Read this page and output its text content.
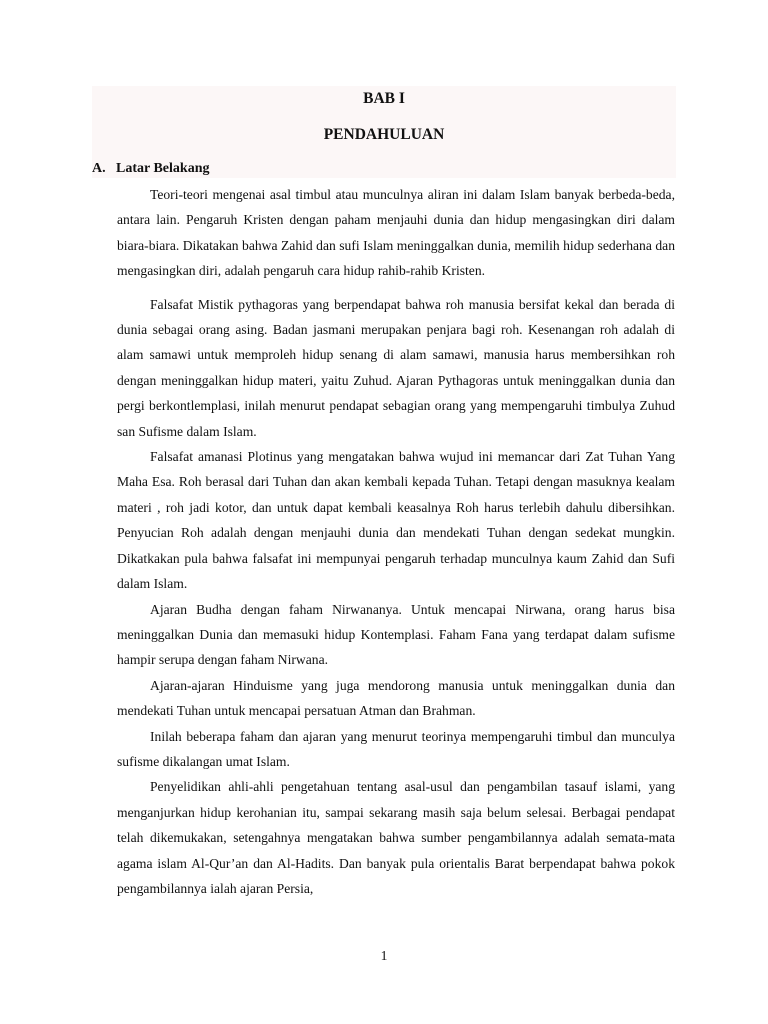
BAB I
PENDAHULUAN
A. Latar Belakang

Teori-teori mengenai asal timbul atau munculnya aliran ini dalam Islam banyak berbeda-beda, antara lain. Pengaruh Kristen dengan paham menjauhi dunia dan hidup mengasingkan diri dalam biara-biara. Dikatakan bahwa Zahid dan sufi Islam meninggalkan dunia, memilih hidup sederhana dan mengasingkan diri, adalah pengaruh cara hidup rahib-rahib Kristen.

Falsafat Mistik pythagoras yang berpendapat bahwa roh manusia bersifat kekal dan berada di dunia sebagai orang asing. Badan jasmani merupakan penjara bagi roh. Kesenangan roh adalah di alam samawi untuk memproleh hidup senang di alam samawi, manusia harus membersihkan roh dengan meninggalkan hidup materi, yaitu Zuhud. Ajaran Pythagoras untuk meninggalkan dunia dan pergi berkontlemplasi, inilah menurut pendapat sebagian orang yang mempengaruhi timbulya Zuhud san Sufisme dalam Islam.

Falsafat amanasi Plotinus yang mengatakan bahwa wujud ini memancar dari Zat Tuhan Yang Maha Esa. Roh berasal dari Tuhan dan akan kembali kepada Tuhan. Tetapi dengan masuknya kealam materi , roh jadi kotor, dan untuk dapat kembali keasalnya Roh harus terlebih dahulu dibersihkan. Penyucian Roh adalah dengan menjauhi dunia dan mendekati Tuhan dengan sedekat mungkin. Dikatkakan pula bahwa falsafat ini mempunyai pengaruh terhadap munculnya kaum Zahid dan Sufi dalam Islam.

Ajaran Budha dengan faham Nirwananya. Untuk mencapai Nirwana, orang harus bisa meninggalkan Dunia dan memasuki hidup Kontemplasi. Faham Fana yang terdapat dalam sufisme hampir serupa dengan faham Nirwana.

Ajaran-ajaran Hinduisme yang juga mendorong manusia untuk meninggalkan dunia dan mendekati Tuhan untuk mencapai persatuan Atman dan Brahman.

Inilah beberapa faham dan ajaran yang menurut teorinya mempengaruhi timbul dan munculya sufisme dikalangan umat Islam.

Penyelidikan ahli-ahli pengetahuan tentang asal-usul dan pengambilan tasauf islami, yang menganjurkan hidup kerohanian itu, sampai sekarang masih saja belum selesai. Berbagai pendapat telah dikemukakan, setengahnya mengatakan bahwa sumber pengambilannya adalah semata-mata agama islam Al-Qur’an dan Al-Hadits. Dan banyak pula orientalis Barat berpendapat bahwa pokok pengambilannya ialah ajaran Persia,

1
